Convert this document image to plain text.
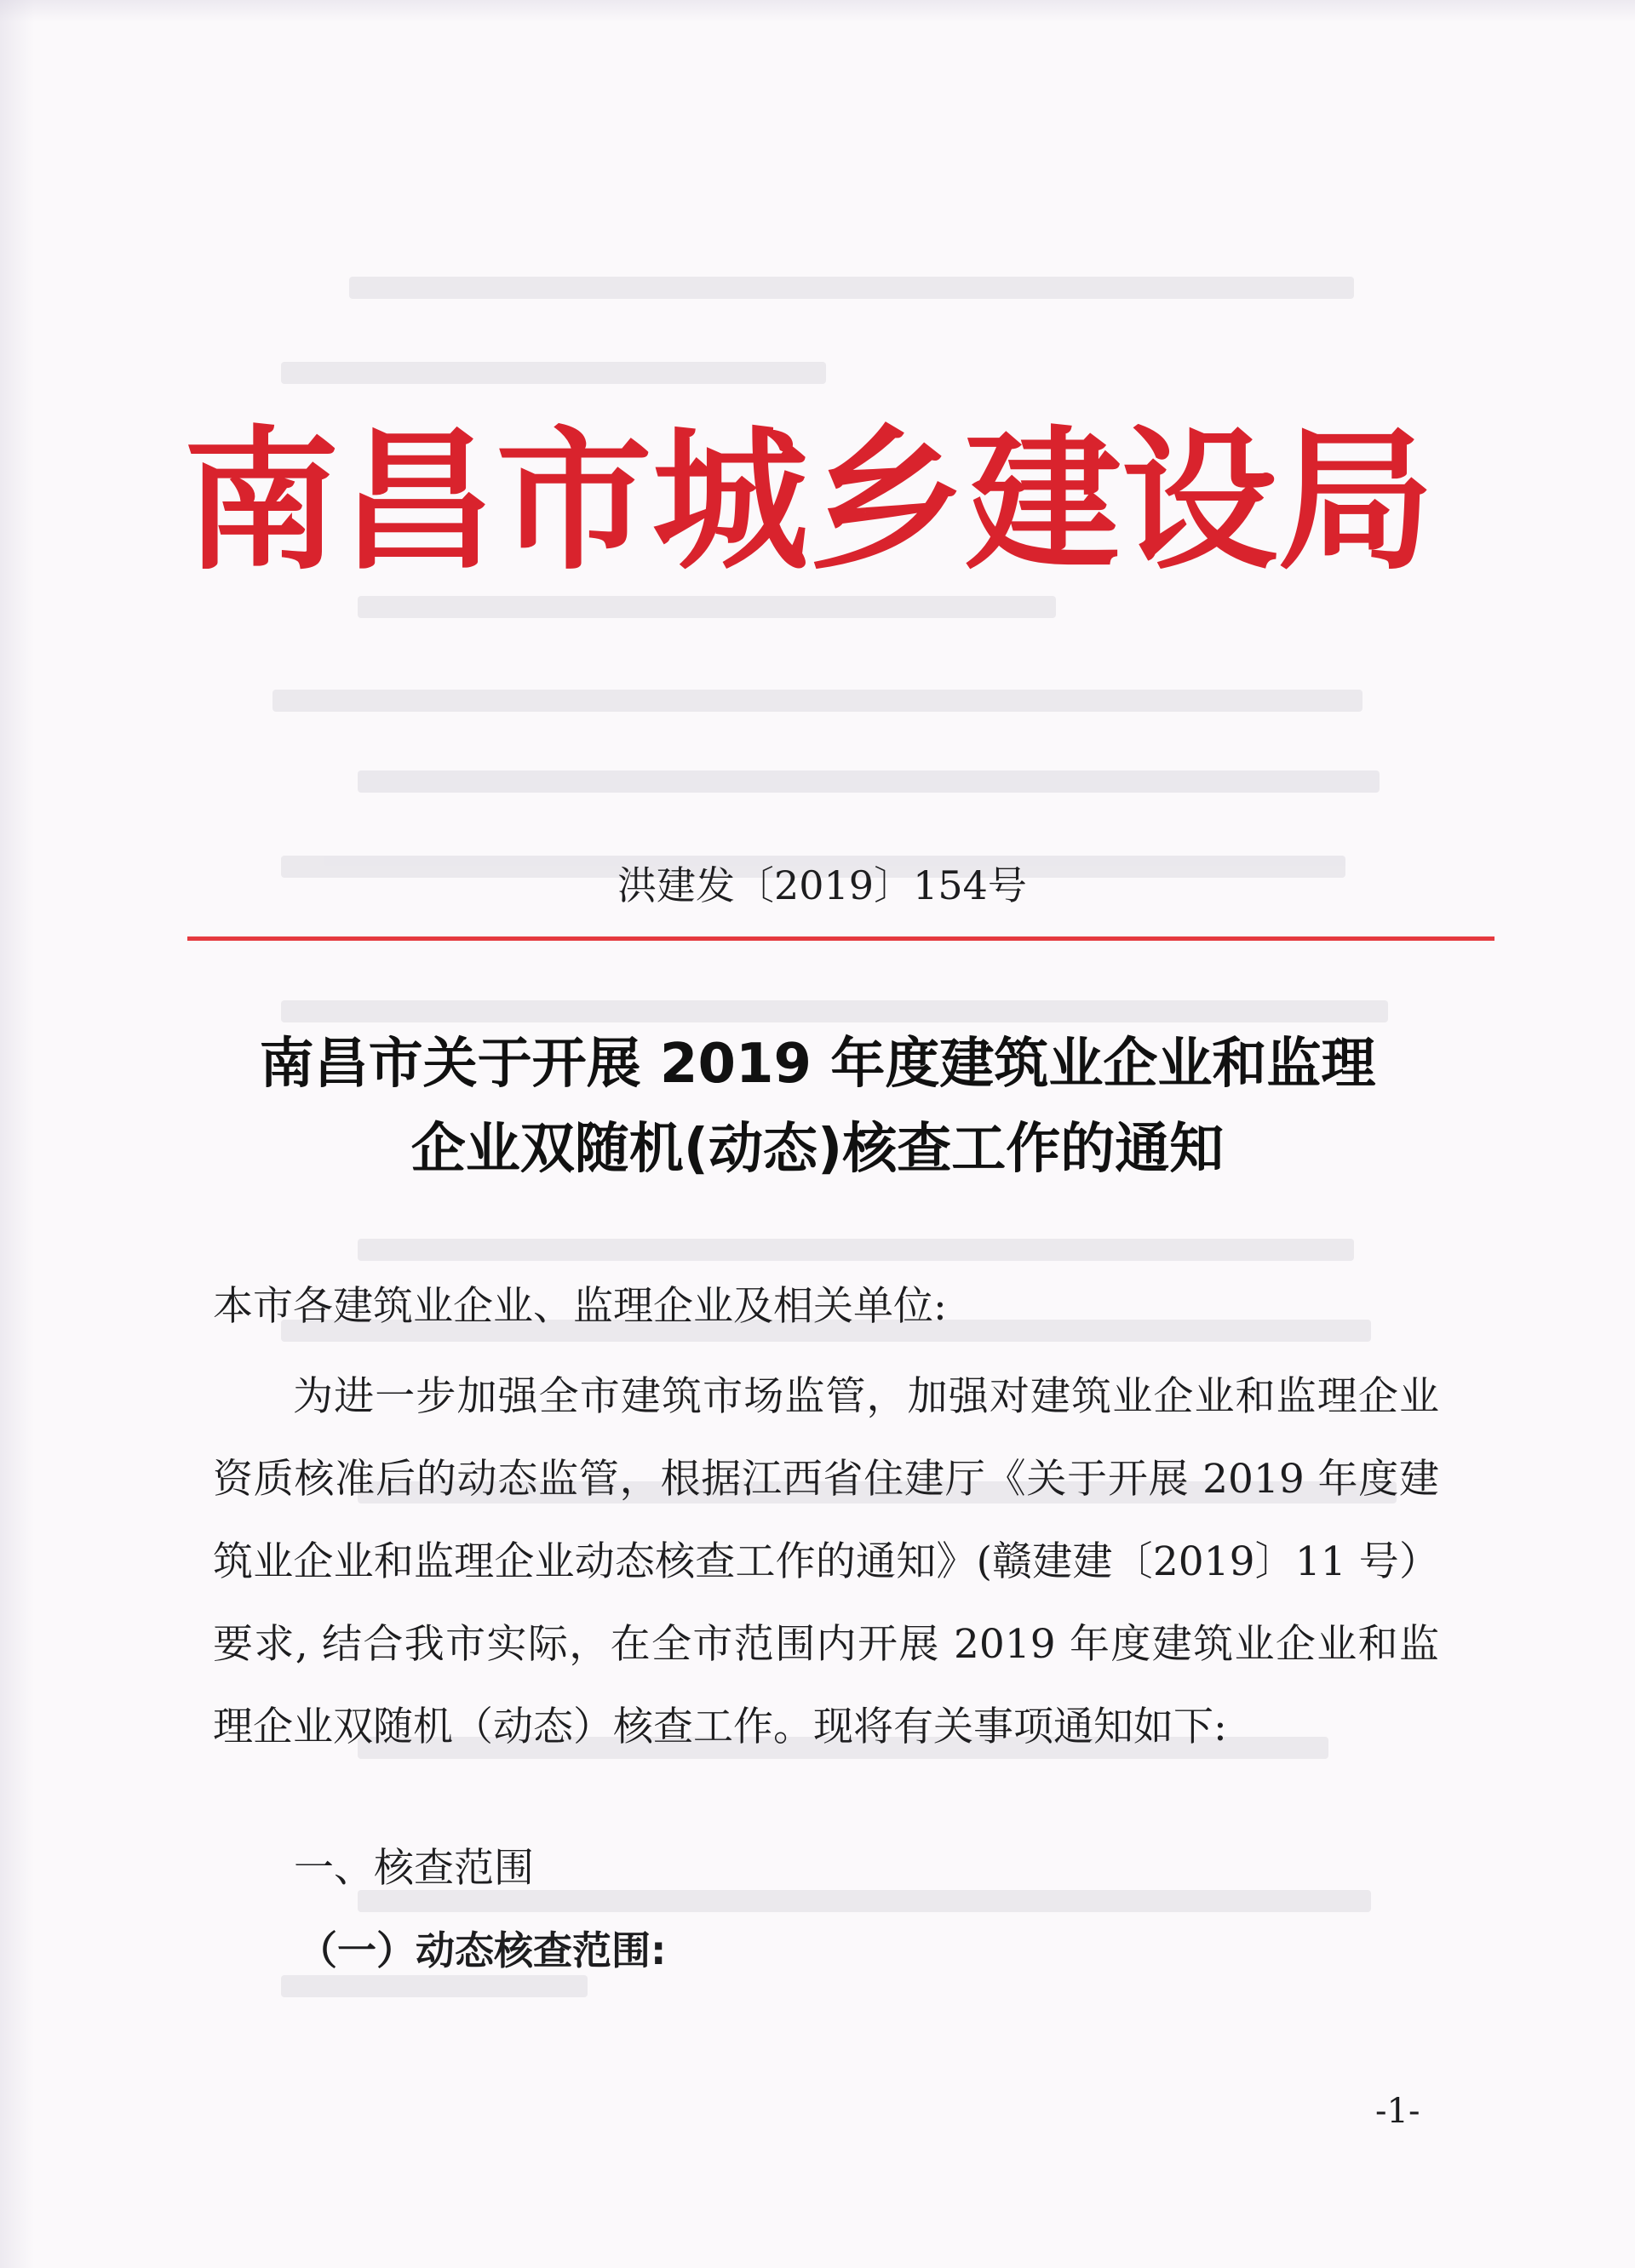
南昌市城乡建设局
洪建发〔2019〕154号
南昌市关于开展 2019 年度建筑业企业和监理
企业双随机(动态)核查工作的通知
本市各建筑业企业、监理企业及相关单位:
为进一步加强全市建筑市场监管，加强对建筑业企业和监理企业资质核准后的动态监管，根据江西省住建厅《关于开展 2019 年度建筑业企业和监理企业动态核查工作的通知》(赣建建〔2019〕11 号）要求, 结合我市实际，在全市范围内开展 2019 年度建筑业企业和监理企业双随机（动态）核查工作。现将有关事项通知如下:
一、核查范围
（一）动态核查范围:
-1-
